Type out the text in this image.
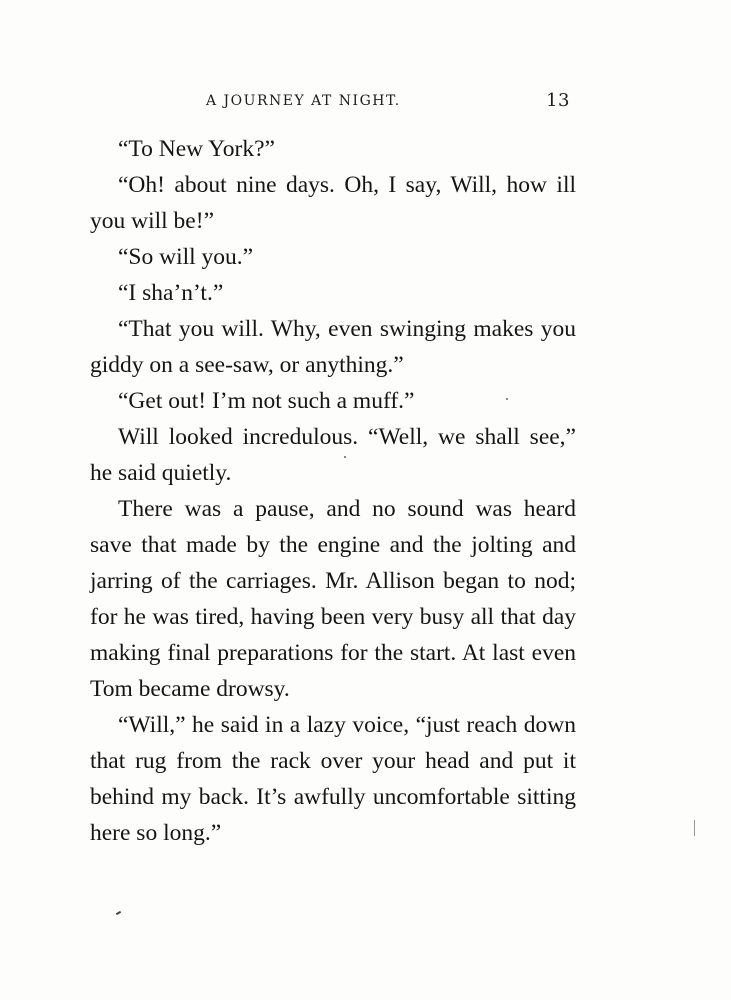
A JOURNEY AT NIGHT.	13

“To New York?”

“Oh! about nine days. Oh, I say, Will, how ill you will be!”

“So will you.”

“I sha’n’t.”

“That you will. Why, even swinging makes you giddy on a see-saw, or anything.”

“Get out! I’m not such a muff.”

Will looked incredulous. “Well, we shall see,” he said quietly.

There was a pause, and no sound was heard save that made by the engine and the jolting and jarring of the carriages. Mr. Allison began to nod; for he was tired, having been very busy all that day making final preparations for the start. At last even Tom became drowsy.

“Will,” he said in a lazy voice, “just reach down that rug from the rack over your head and put it behind my back. It’s awfully uncomfortable sitting here so long.”
